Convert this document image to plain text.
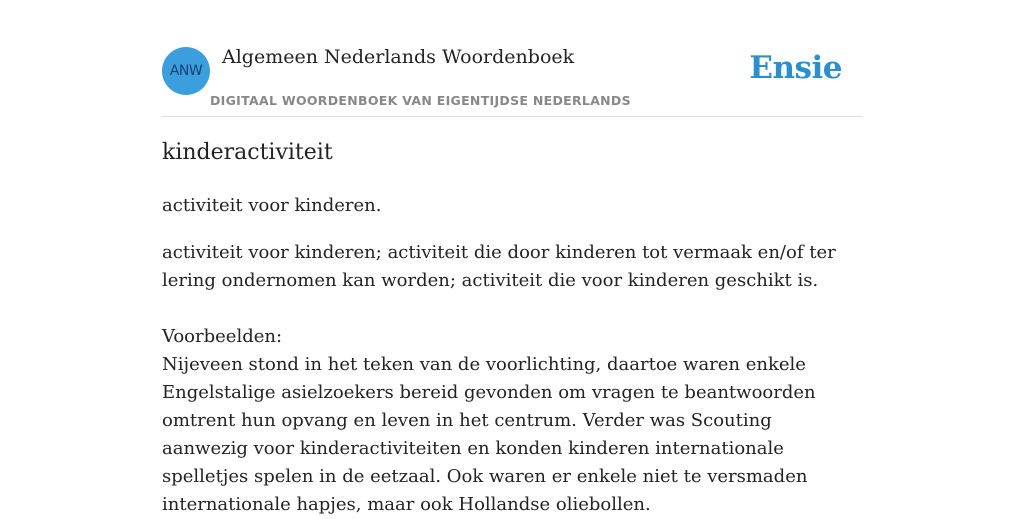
ANW
Algemeen Nederlands Woordenboek
DIGITAAL WOORDENBOEK VAN EIGENTIJDSE NEDERLANDS
Ensie
kinderactiviteit
activiteit voor kinderen.

activiteit voor kinderen; activiteit die door kinderen tot vermaak en/of ter lering ondernomen kan worden; activiteit die voor kinderen geschikt is.

Voorbeelden:

Nijeveen stond in het teken van de voorlichting, daartoe waren enkele Engelstalige asielzoekers bereid gevonden om vragen te beantwoorden omtrent hun opvang en leven in het centrum. Verder was Scouting aanwezig voor kinderactiviteiten en konden kinderen internationale spelletjes spelen in de eetzaal. Ook waren er enkele niet te versmaden internationale hapjes, maar ook Hollandse oliebollen.
